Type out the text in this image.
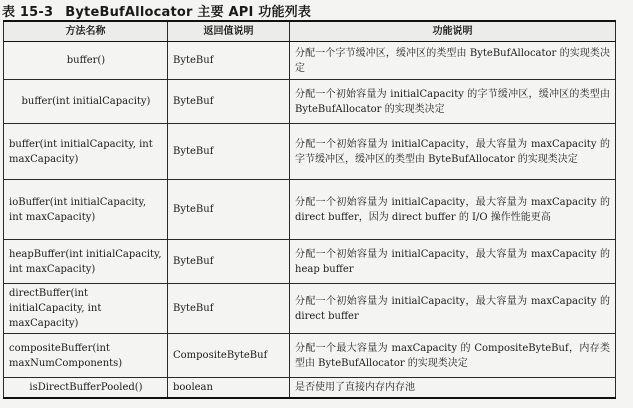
表 15-3 ByteBufAllocator 主要 API 功能列表
方法名称	返回值说明	功能说明
buffer()	ByteBuf	分配一个字节缓冲区，缓冲区的类型由 ByteBufAllocator 的实现类决定
buffer(int initialCapacity)	ByteBuf	分配一个初始容量为 initialCapacity 的字节缓冲区，缓冲区的类型由 ByteBufAllocator 的实现类决定
buffer(int initialCapacity, int maxCapacity)	ByteBuf	分配一个初始容量为 initialCapacity，最大容量为 maxCapacity 的字节缓冲区，缓冲区的类型由 ByteBufAllocator 的实现类决定
ioBuffer(int initialCapacity, int maxCapacity)	ByteBuf	分配一个初始容量为 initialCapacity，最大容量为 maxCapacity 的 direct buffer，因为 direct buffer 的 I/O 操作性能更高
heapBuffer(int initialCapacity, int maxCapacity)	ByteBuf	分配一个初始容量为 initialCapacity，最大容量为 maxCapacity 的 heap buffer
directBuffer(int initialCapacity, int maxCapacity)	ByteBuf	分配一个初始容量为 initialCapacity，最大容量为 maxCapacity 的 direct buffer
compositeBuffer(int maxNumComponents)	CompositeByteBuf	分配一个最大容量为 maxCapacity 的 CompositeByteBuf，内存类型由 ByteBufAllocator 的实现类决定
isDirectBufferPooled()	boolean	是否使用了直接内存内存池
